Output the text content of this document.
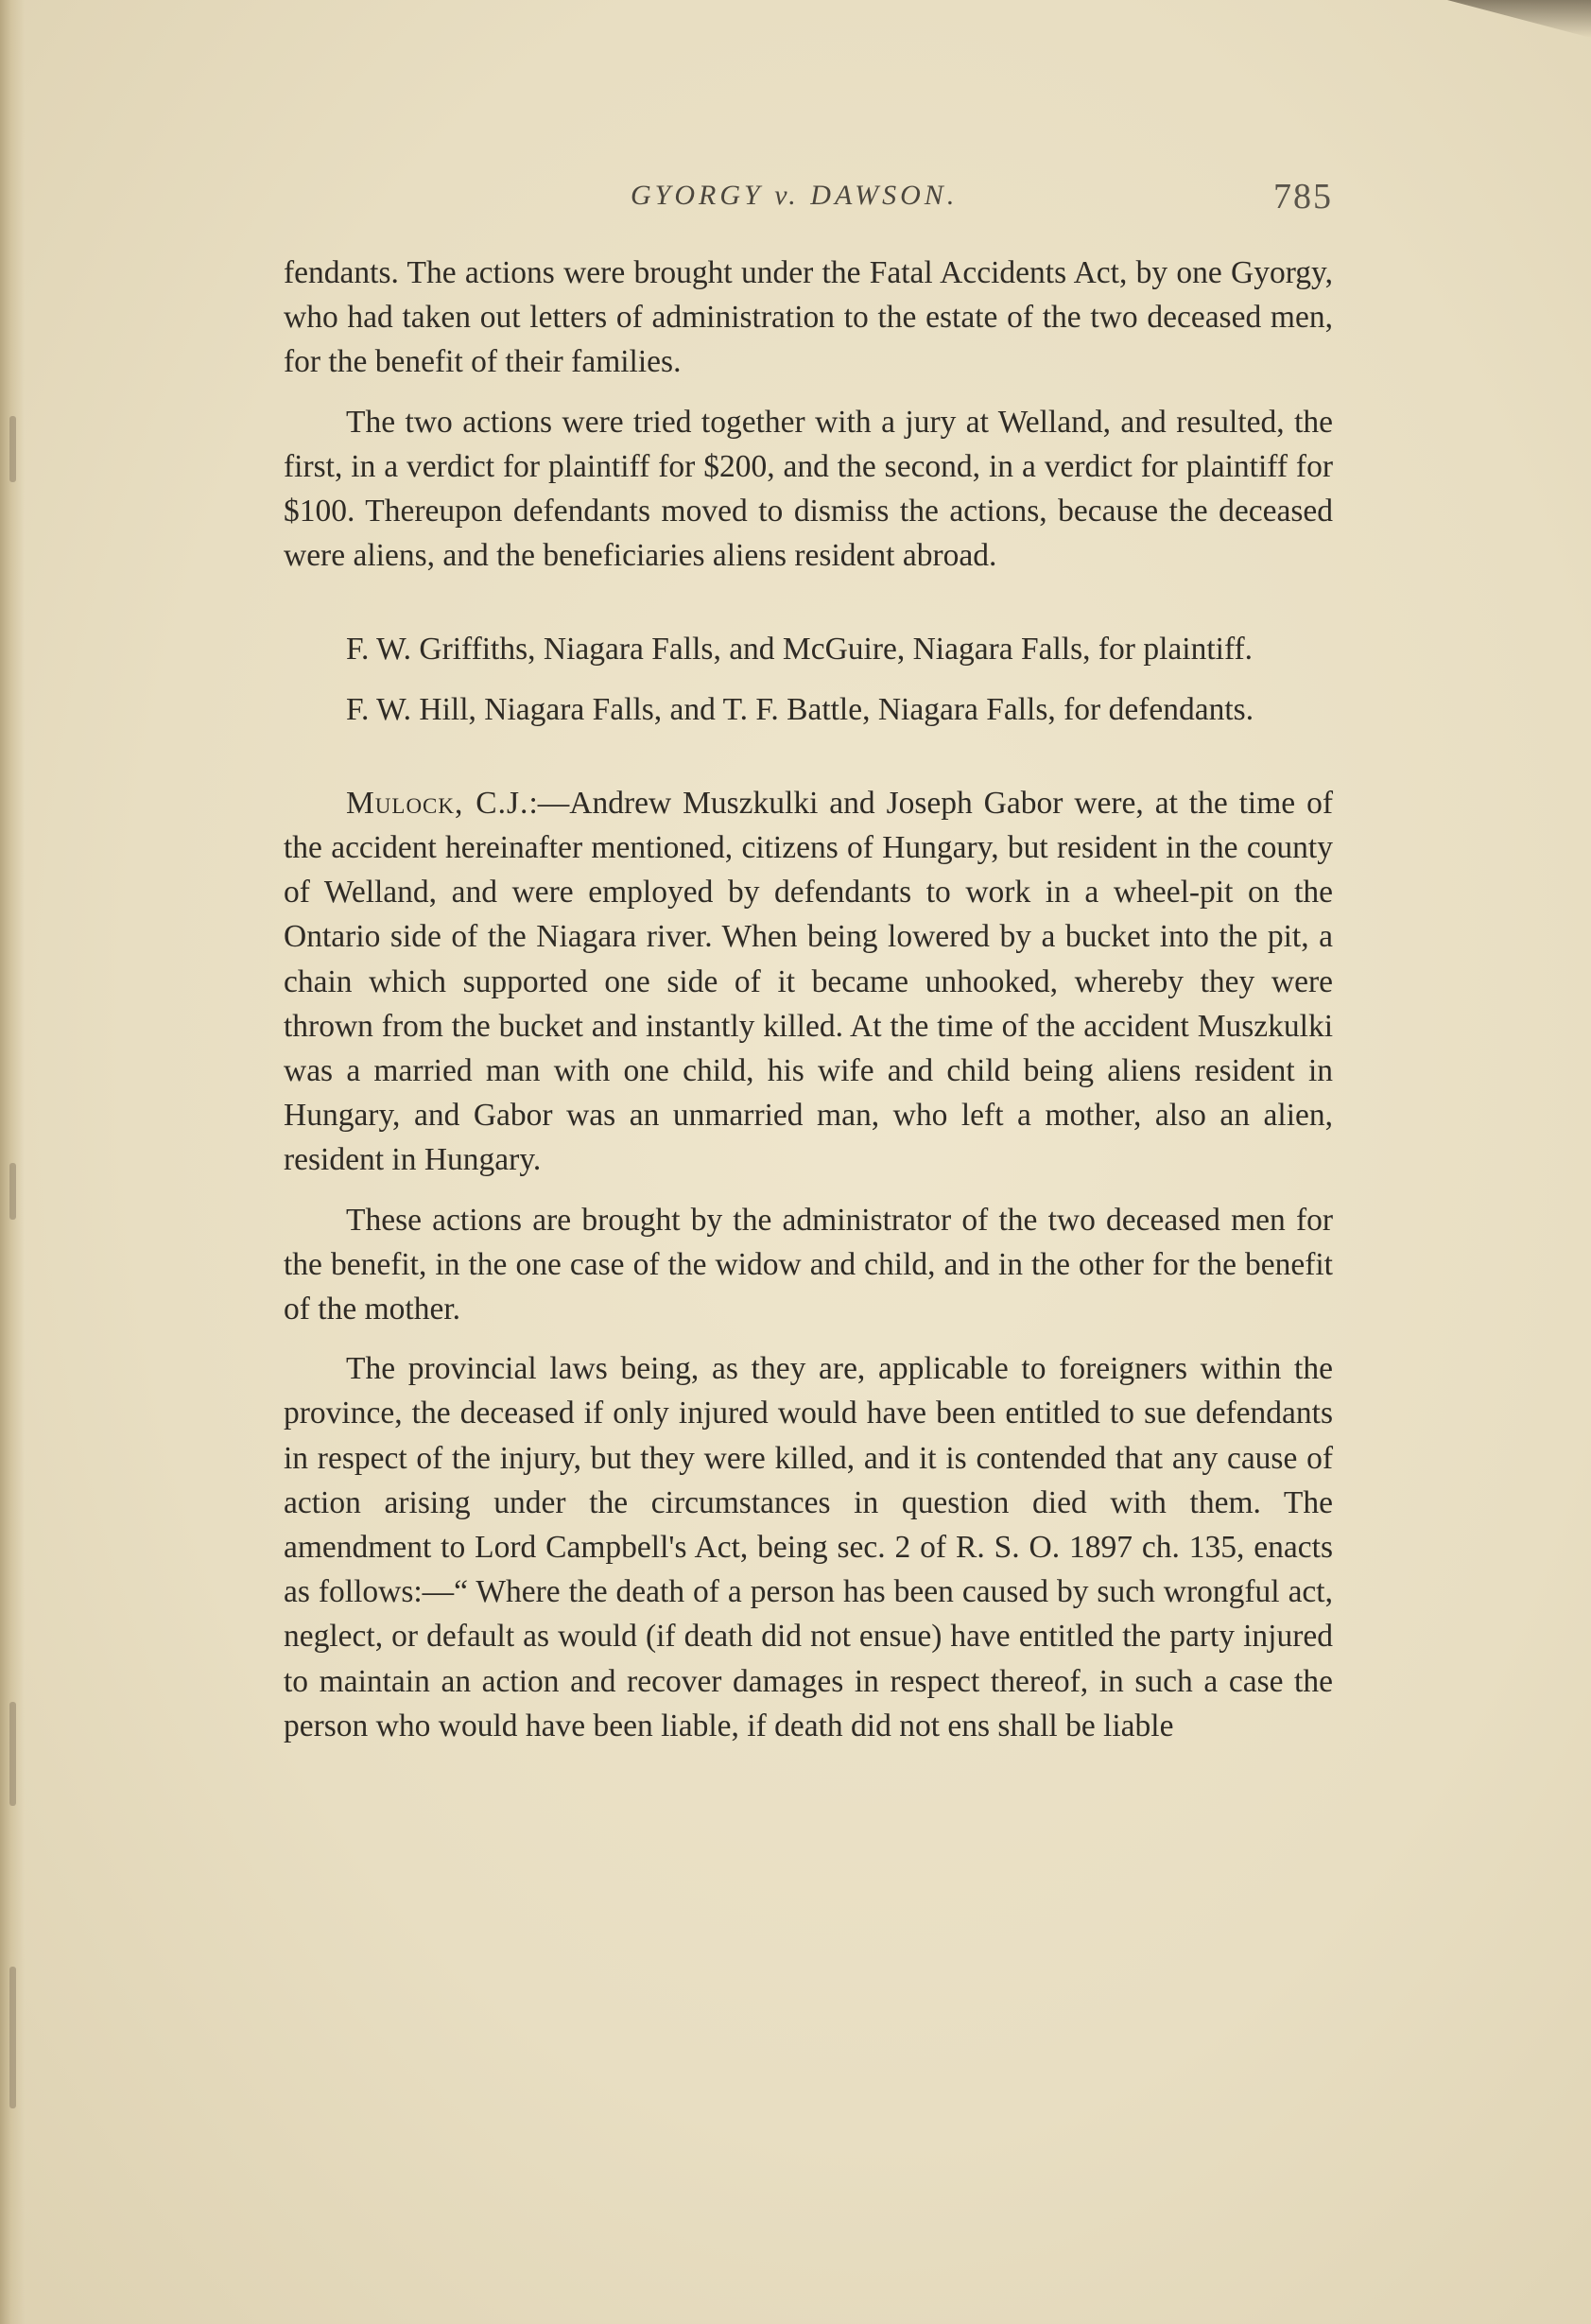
GYORGY v. DAWSON.	785

fendants. The actions were brought under the Fatal Accidents Act, by one Gyorgy, who had taken out letters of administration to the estate of the two deceased men, for the benefit of their families.

The two actions were tried together with a jury at Welland, and resulted, the first, in a verdict for plaintiff for $200, and the second, in a verdict for plaintiff for $100. Thereupon defendants moved to dismiss the actions, because the deceased were aliens, and the beneficiaries aliens resident abroad.

F. W. Griffiths, Niagara Falls, and McGuire, Niagara Falls, for plaintiff.

F. W. Hill, Niagara Falls, and T. F. Battle, Niagara Falls, for defendants.

Mulock, C.J.:—Andrew Muszkulki and Joseph Gabor were, at the time of the accident hereinafter mentioned, citizens of Hungary, but resident in the county of Welland, and were employed by defendants to work in a wheel-pit on the Ontario side of the Niagara river. When being lowered by a bucket into the pit, a chain which supported one side of it became unhooked, whereby they were thrown from the bucket and instantly killed. At the time of the accident Muszkulki was a married man with one child, his wife and child being aliens resident in Hungary, and Gabor was an unmarried man, who left a mother, also an alien, resident in Hungary.

These actions are brought by the administrator of the two deceased men for the benefit, in the one case of the widow and child, and in the other for the benefit of the mother.

The provincial laws being, as they are, applicable to foreigners within the province, the deceased if only injured would have been entitled to sue defendants in respect of the injury, but they were killed, and it is contended that any cause of action arising under the circumstances in question died with them. The amendment to Lord Campbell's Act, being sec. 2 of R. S. O. 1897 ch. 135, enacts as follows:—“ Where the death of a person has been caused by such wrongful act, neglect, or default as would (if death did not ensue) have entitled the party injured to maintain an action and recover damages in respect thereof, in such a case the person who would have been liable, if death did not ens shall be liable
